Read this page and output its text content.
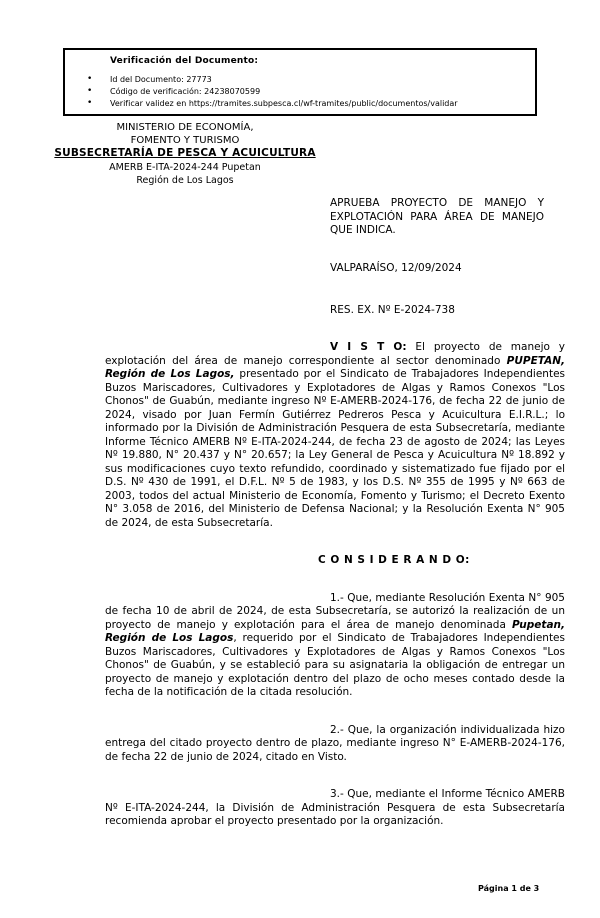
Verificación del Documento:
• Id del Documento: 27773
• Código de verificación: 24238070599
• Verificar validez en https://tramites.subpesca.cl/wf-tramites/public/documentos/validar
MINISTERIO DE ECONOMÍA,
FOMENTO Y TURISMO
SUBSECRETARÍA DE PESCA Y ACUICULTURA
AMERB E-ITA-2024-244 Pupetan
Región de Los Lagos
APRUEBA PROYECTO DE MANEJO Y EXPLOTACIÓN PARA ÁREA DE MANEJO QUE INDICA.
VALPARAÍSO, 12/09/2024
RES. EX. Nº E-2024-738

V I S T O: El proyecto de manejo y explotación del área de manejo correspondiente al sector denominado PUPETAN, Región de Los Lagos, presentado por el Sindicato de Trabajadores Independientes Buzos Mariscadores, Cultivadores y Explotadores de Algas y Ramos Conexos "Los Chonos" de Guabún, mediante ingreso Nº E-AMERB-2024-176, de fecha 22 de junio de 2024, visado por Juan Fermín Gutiérrez Pedreros Pesca y Acuicultura E.I.R.L.; lo informado por la División de Administración Pesquera de esta Subsecretaría, mediante Informe Técnico AMERB Nº E-ITA-2024-244, de fecha 23 de agosto de 2024; las Leyes Nº 19.880, N° 20.437 y N° 20.657; la Ley General de Pesca y Acuicultura Nº 18.892 y sus modificaciones cuyo texto refundido, coordinado y sistematizado fue fijado por el D.S. Nº 430 de 1991, el D.F.L. Nº 5 de 1983, y los D.S. Nº 355 de 1995 y Nº 663 de 2003, todos del actual Ministerio de Economía, Fomento y Turismo; el Decreto Exento N° 3.058 de 2016, del Ministerio de Defensa Nacional; y la Resolución Exenta N° 905 de 2024, de esta Subsecretaría.

C O N S I D E R A N D O:

1.- Que, mediante Resolución Exenta N° 905 de fecha 10 de abril de 2024, de esta Subsecretaría, se autorizó la realización de un proyecto de manejo y explotación para el área de manejo denominada Pupetan, Región de Los Lagos, requerido por el Sindicato de Trabajadores Independientes Buzos Mariscadores, Cultivadores y Explotadores de Algas y Ramos Conexos "Los Chonos" de Guabún, y se estableció para su asignataria la obligación de entregar un proyecto de manejo y explotación dentro del plazo de ocho meses contado desde la fecha de la notificación de la citada resolución.

2.- Que, la organización individualizada hizo entrega del citado proyecto dentro de plazo, mediante ingreso N° E-AMERB-2024-176, de fecha 22 de junio de 2024, citado en Visto.

3.- Que, mediante el Informe Técnico AMERB Nº E-ITA-2024-244, la División de Administración Pesquera de esta Subsecretaría recomienda aprobar el proyecto presentado por la organización.

Página 1 de 3
